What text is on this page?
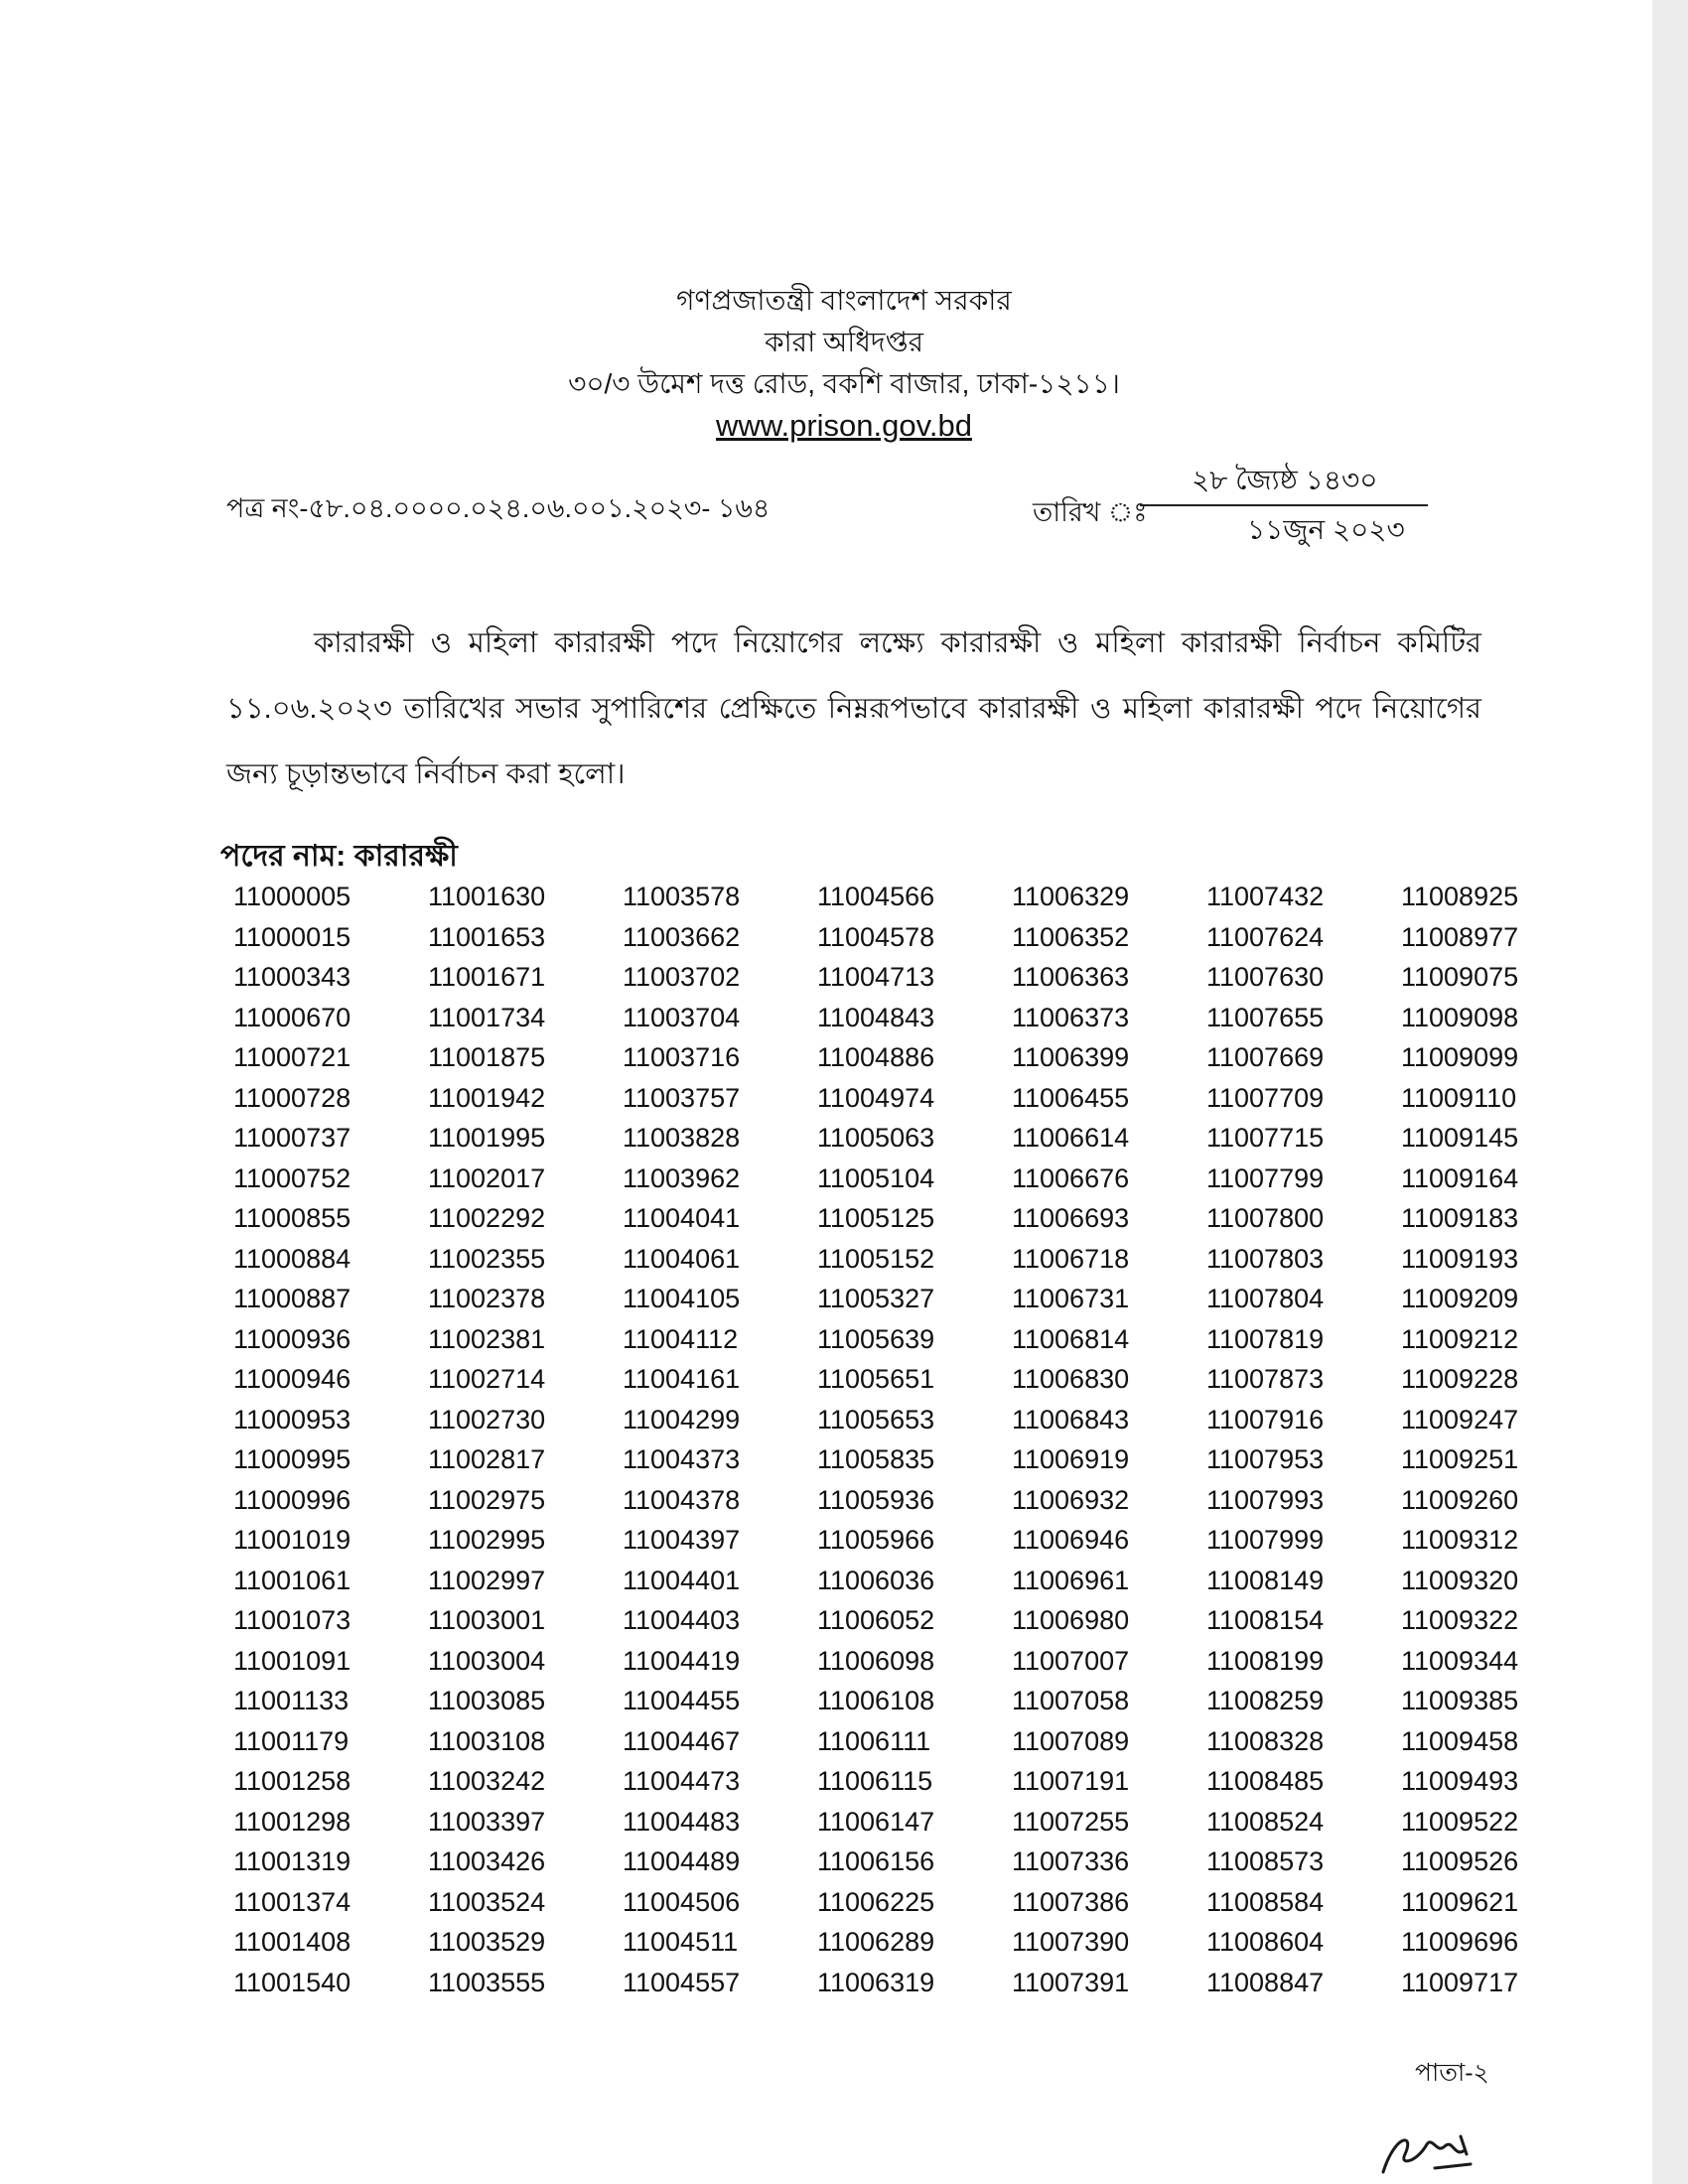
গণপ্রজাতন্ত্রী বাংলাদেশ সরকার
কারা অধিদপ্তর
৩০/৩ উমেশ দত্ত রোড, বকশি বাজার, ঢাকা-১২১১।
www.prison.gov.bd
পত্র নং-৫৮.০৪.০০০০.০২৪.০৬.০০১.২০২৩- ১৬৪	তারিখ ঃ
২৮ জ্যৈষ্ঠ ১৪৩০
১১জুন ২০২৩
কারারক্ষী ও মহিলা কারারক্ষী পদে নিয়োগের লক্ষ্যে কারারক্ষী ও মহিলা কারারক্ষী নির্বাচন কমিটির ১১.০৬.২০২৩ তারিখের সভার সুপারিশের প্রেক্ষিতে নিম্নরূপভাবে কারারক্ষী ও মহিলা কারারক্ষী পদে নিয়োগের জন্য চূড়ান্তভাবে নির্বাচন করা হলো।
পদের নাম: কারারক্ষী
11000005
11000015
11000343
11000670
11000721
11000728
11000737
11000752
11000855
11000884
11000887
11000936
11000946
11000953
11000995
11000996
11001019
11001061
11001073
11001091
11001133
11001179
11001258
11001298
11001319
11001374
11001408
11001540
11001630
11001653
11001671
11001734
11001875
11001942
11001995
11002017
11002292
11002355
11002378
11002381
11002714
11002730
11002817
11002975
11002995
11002997
11003001
11003004
11003085
11003108
11003242
11003397
11003426
11003524
11003529
11003555
11003578
11003662
11003702
11003704
11003716
11003757
11003828
11003962
11004041
11004061
11004105
11004112
11004161
11004299
11004373
11004378
11004397
11004401
11004403
11004419
11004455
11004467
11004473
11004483
11004489
11004506
11004511
11004557
11004566
11004578
11004713
11004843
11004886
11004974
11005063
11005104
11005125
11005152
11005327
11005639
11005651
11005653
11005835
11005936
11005966
11006036
11006052
11006098
11006108
11006111
11006115
11006147
11006156
11006225
11006289
11006319
11006329
11006352
11006363
11006373
11006399
11006455
11006614
11006676
11006693
11006718
11006731
11006814
11006830
11006843
11006919
11006932
11006946
11006961
11006980
11007007
11007058
11007089
11007191
11007255
11007336
11007386
11007390
11007391
11007432
11007624
11007630
11007655
11007669
11007709
11007715
11007799
11007800
11007803
11007804
11007819
11007873
11007916
11007953
11007993
11007999
11008149
11008154
11008199
11008259
11008328
11008485
11008524
11008573
11008584
11008604
11008847
11008925
11008977
11009075
11009098
11009099
11009110
11009145
11009164
11009183
11009193
11009209
11009212
11009228
11009247
11009251
11009260
11009312
11009320
11009322
11009344
11009385
11009458
11009493
11009522
11009526
11009621
11009696
11009717
পাতা-২
